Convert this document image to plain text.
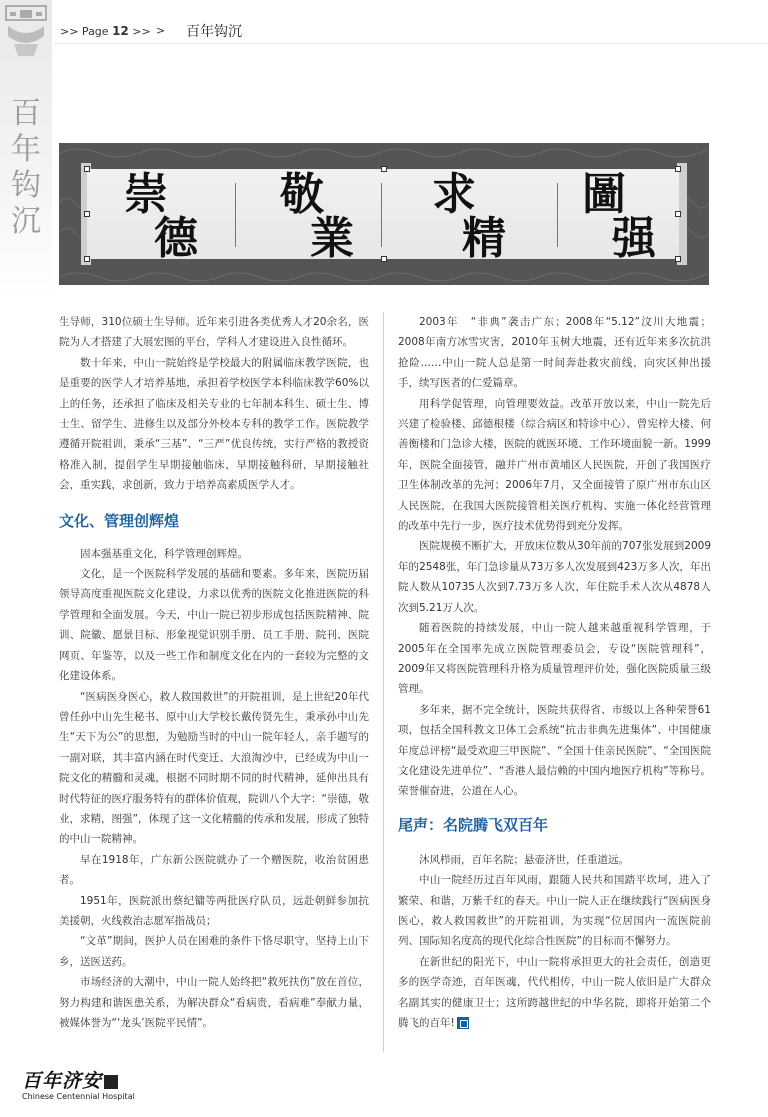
百
年
钩
沉
>> Page 12 >> > 百年钩沉
崇
德
敬
業
求
精
圖
强

生导师，310位硕士生导师。近年来引进各类优秀人才20余名，医院为人才搭建了大展宏图的平台，学科人才建设进入良性循环。

数十年来，中山一院始终是学校最大的附属临床教学医院，也是重要的医学人才培养基地，承担着学校医学本科临床教学60%以上的任务，还承担了临床及相关专业的七年制本科生、硕士生、博士生、留学生、进修生以及部分外校本专科的教学工作。医院教学遵循开院祖训，秉承“三基”、“三严”优良传统，实行严格的教授资格准入制，提倡学生早期接触临床，早期接触科研，早期接触社会，重实践，求创新，致力于培养高素质医学人才。

文化、管理创辉煌

固本强基重文化，科学管理创辉煌。

文化，是一个医院科学发展的基础和要素。多年来，医院历届领导高度重视医院文化建设，力求以优秀的医院文化推进医院的科学管理和全面发展。今天，中山一院已初步形成包括医院精神、院训、院徽、愿景目标、形象视觉识别手册、员工手册、院刊、医院网页、年鉴等，以及一些工作和制度文化在内的一套较为完整的文化建设体系。

“医病医身医心，救人救国救世”的开院祖训，是上世纪20年代曾任孙中山先生秘书、原中山大学校长戴传贤先生，秉承孙中山先生“天下为公”的思想，为勉励当时的中山一院年轻人，亲手题写的一副对联，其丰富内涵在时代变迁、大浪淘沙中，已经成为中山一院文化的精髓和灵魂，根据不同时期不同的时代精神，延伸出具有时代特征的医疗服务特有的群体价值观，院训八个大字：“崇德，敬业，求精，图强”，体现了这一文化精髓的传承和发展，形成了独特的中山一院精神。

早在1918年，广东新公医院就办了一个赠医院，收治贫困患者。

1951年，医院派出蔡纪镛等两批医疗队员，远赴朝鲜参加抗美援朝，火线救治志愿军指战员；

“文革”期间，医护人员在困难的条件下恪尽职守，坚持上山下乡，送医送药。

市场经济的大潮中，中山一院人始终把“救死扶伤”放在首位，努力构建和谐医患关系，为解决群众“看病贵，看病难”奉献力量，被媒体誉为“‘龙头’医院平民情”。

2003年　“非典”袭击广东；2008年“5.12”汶川大地震；2008年南方冰雪灾害，2010年玉树大地震，还有近年来多次抗洪抢险……中山一院人总是第一时间奔赴救灾前线，向灾区伸出援手，续写医者的仁爱篇章。

用科学促管理，向管理要效益。改革开放以来，中山一院先后兴建了检验楼、邱德根楼（综合病区和特诊中心）、曾宪梓大楼、何善衡楼和门急诊大楼，医院的就医环境、工作环境面貌一新。1999年，医院全面接管，融并广州市黄埔区人民医院，开创了我国医疗卫生体制改革的先河；2006年7月，又全面接管了原广州市东山区人民医院，在我国大医院接管相关医疗机构、实施一体化经营管理的改革中先行一步，医疗技术优势得到充分发挥。

医院规模不断扩大，开放床位数从30年前的707张发展到2009年的2548张，年门急诊量从73万多人次发展到423万多人次，年出院人数从10735人次到7.73万多人次，年住院手术人次从4878人次到5.21万人次。

随着医院的持续发展，中山一院人越来越重视科学管理，于2005年在全国率先成立医院管理委员会，专设“医院管理科”，2009年又将医院管理科升格为质量管理评价处，强化医院质量三级管理。

多年来，据不完全统计，医院共获得省、市级以上各种荣誉61项，包括全国科教文卫体工会系统“抗击非典先进集体”、中国健康年度总评榜“最受欢迎三甲医院”、“全国十佳亲民医院”、“全国医院文化建设先进单位”、“香港人最信赖的中国内地医疗机构”等称号。荣誉催奋进，公道在人心。

尾声：名院腾飞双百年

沐风栉雨，百年名院；悬壶济世，任重道远。

中山一院经历过百年风雨，跟随人民共和国踏平坎坷，进入了繁荣、和谐，万紫千红的春天。中山一院人正在继续践行“医病医身医心，救人救国救世”的开院祖训，为实现“位居国内一流医院前列、国际知名度高的现代化综合性医院”的目标而不懈努力。

在新世纪的阳光下，中山一院将承担更大的社会责任，创造更多的医学奇迹，百年医魂，代代相传，中山一院人依旧是广大群众名副其实的健康卫士；这所跨越世纪的中华名院，即将开始第二个腾飞的百年!

百年济安
Chinese Centennial Hospital
